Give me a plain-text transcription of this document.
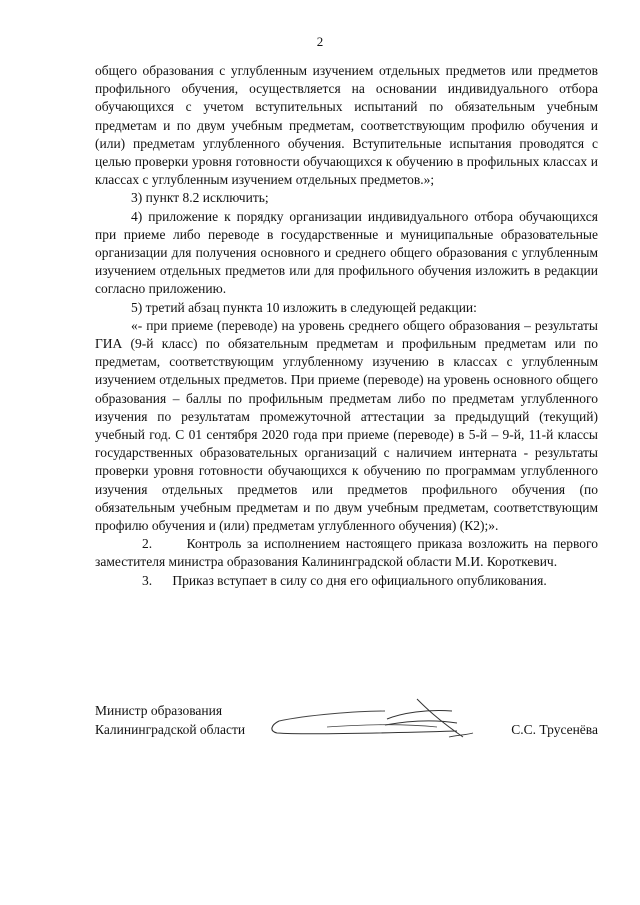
2

общего образования с углубленным изучением отдельных предметов или предметов профильного обучения, осуществляется на основании индивидуального отбора обучающихся с учетом вступительных испытаний по обязательным учебным предметам и по двум учебным предметам, соответствующим профилю обучения и (или) предметам углубленного обучения. Вступительные испытания проводятся с целью проверки уровня готовности обучающихся к обучению в профильных классах и классах с углубленным изучением отдельных предметов.»;

3) пункт 8.2 исключить;

4) приложение к порядку организации индивидуального отбора обучающихся при приеме либо переводе в государственные и муниципальные образовательные организации для получения основного и среднего общего образования с углубленным изучением отдельных предметов или для профильного обучения изложить в редакции согласно приложению.

5) третий абзац пункта 10 изложить в следующей редакции:

«- при приеме (переводе) на уровень среднего общего образования – результаты ГИА (9-й класс) по обязательным предметам и профильным предметам или по предметам, соответствующим углубленному изучению в классах с углубленным изучением отдельных предметов. При приеме (переводе) на уровень основного общего образования – баллы по профильным предметам либо по предметам углубленного изучения по результатам промежуточной аттестации за предыдущий (текущий) учебный год. С 01 сентября 2020 года при приеме (переводе) в 5-й – 9-й, 11-й классы государственных образовательных организаций с наличием интерната - результаты проверки уровня готовности обучающихся к обучению по программам углубленного изучения отдельных предметов или предметов профильного обучения (по обязательным учебным предметам и по двум учебным предметам, соответствующим профилю обучения и (или) предметам углубленного обучения) (К2);».

2.      Контроль за исполнением настоящего приказа возложить на первого заместителя министра образования Калининградской области М.И. Короткевич.

3.      Приказ вступает в силу со дня его официального опубликования.

Министр образования

Калининградской области	С.С. Трусенёва
